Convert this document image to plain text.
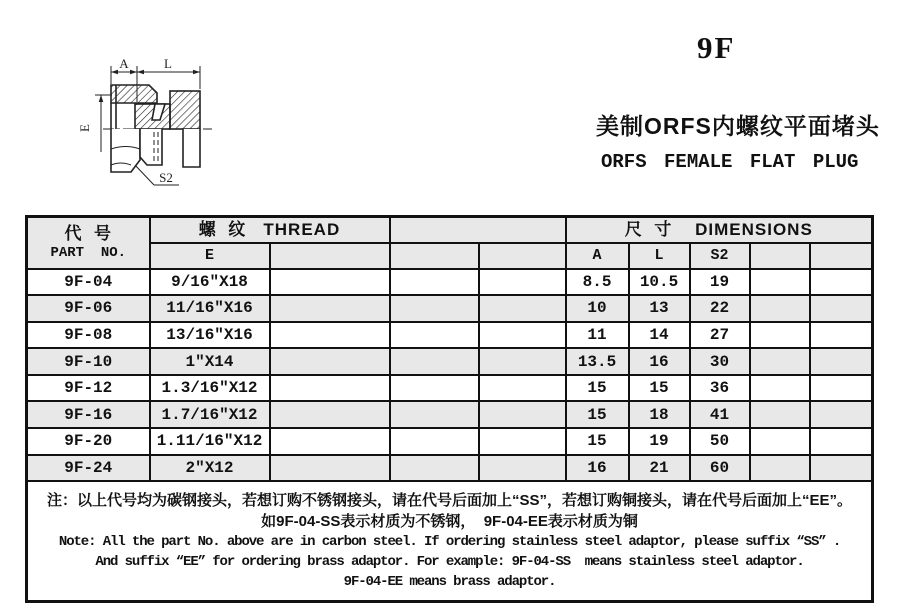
A	L
E
S2
9F
美制ORFS内螺纹平面堵头
ORFS FEMALE FLAT PLUG
代  号
PART  NO.	螺  纹   THREAD				尺  寸    DIMENSIONS				
	E				A	L	S2		
9F-04	9/16″X18				8.5	10.5	19		
9F-06	11/16″X16				10	13	22		
9F-08	13/16″X16				11	14	27		
9F-10	1″X14				13.5	16	30		
9F-12	1.3/16″X12				15	15	36		
9F-16	1.7/16″X12				15	18	41		
9F-20	1.11/16″X12				15	19	50		
9F-24	2″X12				16	21	60		

注：以上代号均为碳钢接头，若想订购不锈钢接头，请在代号后面加上“SS”，若想订购铜接头，请在代号后面加上“EE”。
如9F-04-SS表示材质为不锈钢，  9F-04-EE表示材质为铜
Note: All the part No. above are in carbon steel. If ordering stainless steel adaptor, please suffix “SS” .
And suffix “EE” for ordering brass adaptor. For example: 9F-04-SS  means stainless steel adaptor.
9F-04-EE means brass adaptor.									
